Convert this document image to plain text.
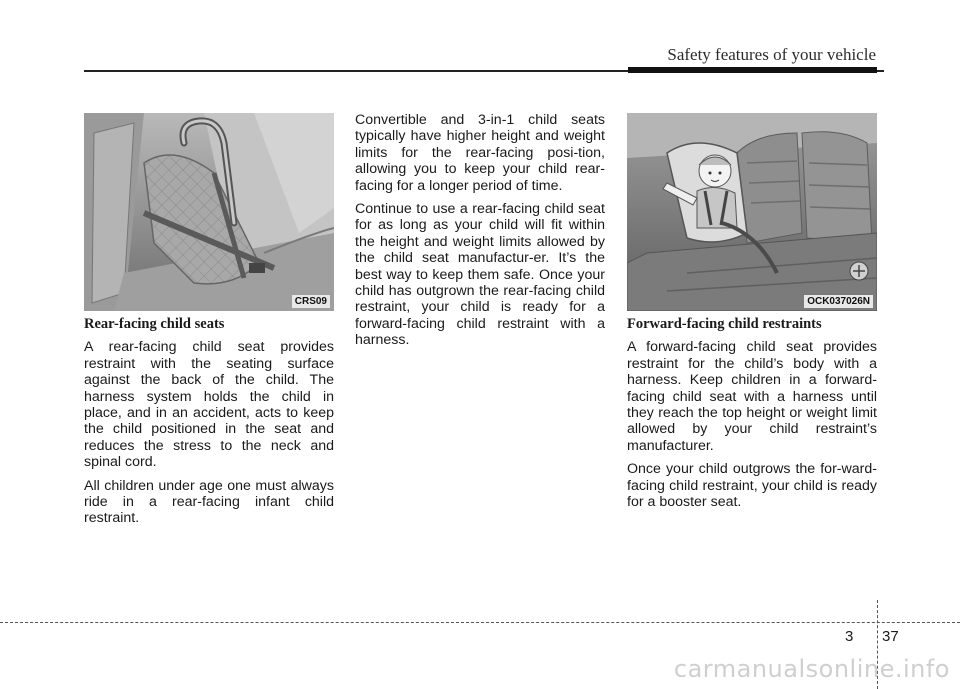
Safety features of your vehicle
CRS09	OCK037026N

Rear-facing child seats

A rear-facing child seat provides restraint with the seating surface against the back of the child. The harness system holds the child in place, and in an accident, acts to keep the child positioned in the seat and reduces the stress to the neck and spinal cord.

All children under age one must always ride in a rear-facing infant child restraint.

Convertible and 3-in-1 child seats typically have higher height and weight limits for the rear-facing posi-tion, allowing you to keep your child rear-facing for a longer period of time.

Continue to use a rear-facing child seat for as long as your child will fit within the height and weight limits allowed by the child seat manufactur-er. It’s the best way to keep them safe. Once your child has outgrown the rear-facing child restraint, your child is ready for a forward-facing child restraint with a harness.

Forward-facing child restraints

A forward-facing child seat provides restraint for the child’s body with a harness. Keep children in a forward-facing child seat with a harness until they reach the top height or weight limit allowed by your child restraint’s manufacturer.

Once your child outgrows the for-ward-facing child restraint, your child is ready for a booster seat.

3 37
carmanualsonline.info
